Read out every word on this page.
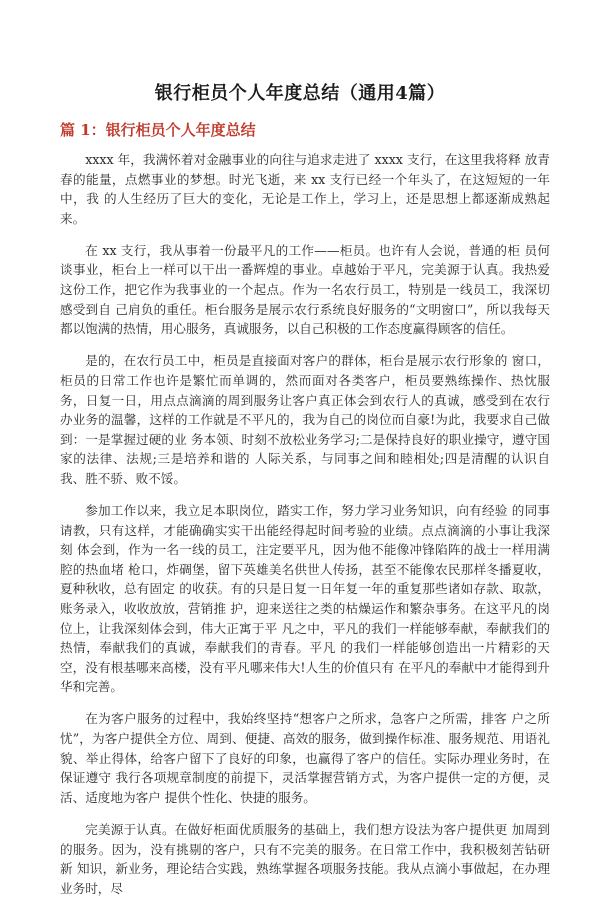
银行柜员个人年度总结（通用4篇）
篇 1：银行柜员个人年度总结

xxxx 年，我满怀着对金融事业的向往与追求走进了 xxxx 支行，在这里我将释 放青春的能量，点燃事业的梦想。时光飞逝，来 xx 支行已经一个年头了，在这短短的一年中，我 的人生经历了巨大的变化，无论是工作上，学习上，还是思想上都逐渐成熟起来。

在 xx 支行，我从事着一份最平凡的工作——柜员。也许有人会说，普通的柜 员何谈事业，柜台上一样可以干出一番辉煌的事业。卓越始于平凡，完美源于认真。我热爱 这份工作，把它作为我事业的一个起点。作为一名农行员工，特别是一线员工，我深切感受到自 己肩负的重任。柜台服务是展示农行系统良好服务的“文明窗口”，所以我每天都以饱满的热情，用心服务，真诚服务，以自己积极的工作态度赢得顾客的信任。

是的，在农行员工中，柜员是直接面对客户的群体，柜台是展示农行形象的 窗口，柜员的日常工作也许是繁忙而单调的，然而面对各类客户，柜员要熟练操作、热忱服务，日复一日，用点点滴滴的周到服务让客户真正体会到农行人的真诚，感受到在农行办业务的温馨，这样的工作就是不平凡的，我为自己的岗位而自豪!为此，我要求自己做到：一是掌握过硬的业 务本领、时刻不放松业务学习;二是保持良好的职业操守，遵守国家的法律、法规;三是培养和谐的 人际关系，与同事之间和睦相处;四是清醒的认识自我、胜不骄、败不馁。

参加工作以来，我立足本职岗位，踏实工作，努力学习业务知识，向有经验 的同事请教，只有这样，才能确确实实干出能经得起时间考验的业绩。点点滴滴的小事让我深刻 体会到，作为一名一线的员工，注定要平凡，因为他不能像冲锋陷阵的战士一样用满腔的热血堵 枪口，炸碉堡，留下英雄美名供世人传扬，甚至不能像农民那样冬播夏收，夏种秋收，总有固定 的收获。有的只是日复一日年复一年的重复那些诸如存款、取款，账务录入，收收放放，营销推 护，迎来送往之类的枯燥运作和繁杂事务。在这平凡的岗位上，让我深刻体会到，伟大正寓于平 凡之中，平凡的我们一样能够奉献，奉献我们的热情，奉献我们的真诚，奉献我们的青春。平凡 的我们一样能够创造出一片精彩的天空，没有根基哪来高楼，没有平凡哪来伟大!人生的价值只有 在平凡的奉献中才能得到升华和完善。

在为客户服务的过程中，我始终坚持“想客户之所求，急客户之所需，排客 户之所忧”，为客户提供全方位、周到、便捷、高效的服务，做到操作标准、服务规范、用语礼 貌、举止得体，给客户留下了良好的印象，也赢得了客户的信任。实际办理业务时，在保证遵守 我行各项规章制度的前提下，灵活掌握营销方式，为客户提供一定的方便，灵活、适度地为客户 提供个性化、快捷的服务。

完美源于认真。在做好柜面优质服务的基础上，我们想方设法为客户提供更 加周到的服务。因为，没有挑剔的客户，只有不完美的服务。在日常工作中，我积极刻苦钻研新 知识，新业务，理论结合实践，熟练掌握各项服务技能。我从点滴小事做起，在办理业务时，尽
